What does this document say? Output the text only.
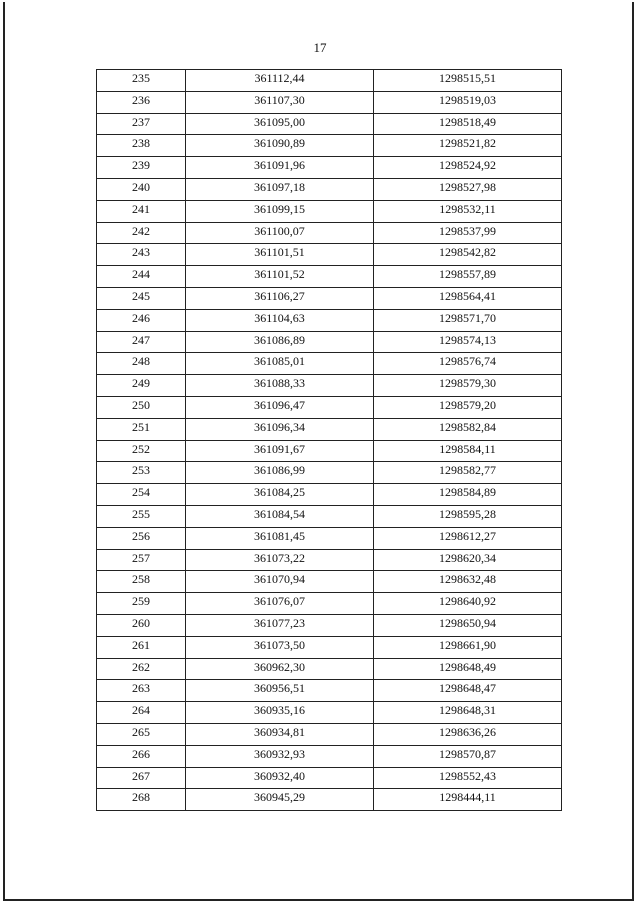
17
235	361112,44	1298515,51
236	361107,30	1298519,03
237	361095,00	1298518,49
238	361090,89	1298521,82
239	361091,96	1298524,92
240	361097,18	1298527,98
241	361099,15	1298532,11
242	361100,07	1298537,99
243	361101,51	1298542,82
244	361101,52	1298557,89
245	361106,27	1298564,41
246	361104,63	1298571,70
247	361086,89	1298574,13
248	361085,01	1298576,74
249	361088,33	1298579,30
250	361096,47	1298579,20
251	361096,34	1298582,84
252	361091,67	1298584,11
253	361086,99	1298582,77
254	361084,25	1298584,89
255	361084,54	1298595,28
256	361081,45	1298612,27
257	361073,22	1298620,34
258	361070,94	1298632,48
259	361076,07	1298640,92
260	361077,23	1298650,94
261	361073,50	1298661,90
262	360962,30	1298648,49
263	360956,51	1298648,47
264	360935,16	1298648,31
265	360934,81	1298636,26
266	360932,93	1298570,87
267	360932,40	1298552,43
268	360945,29	1298444,11
